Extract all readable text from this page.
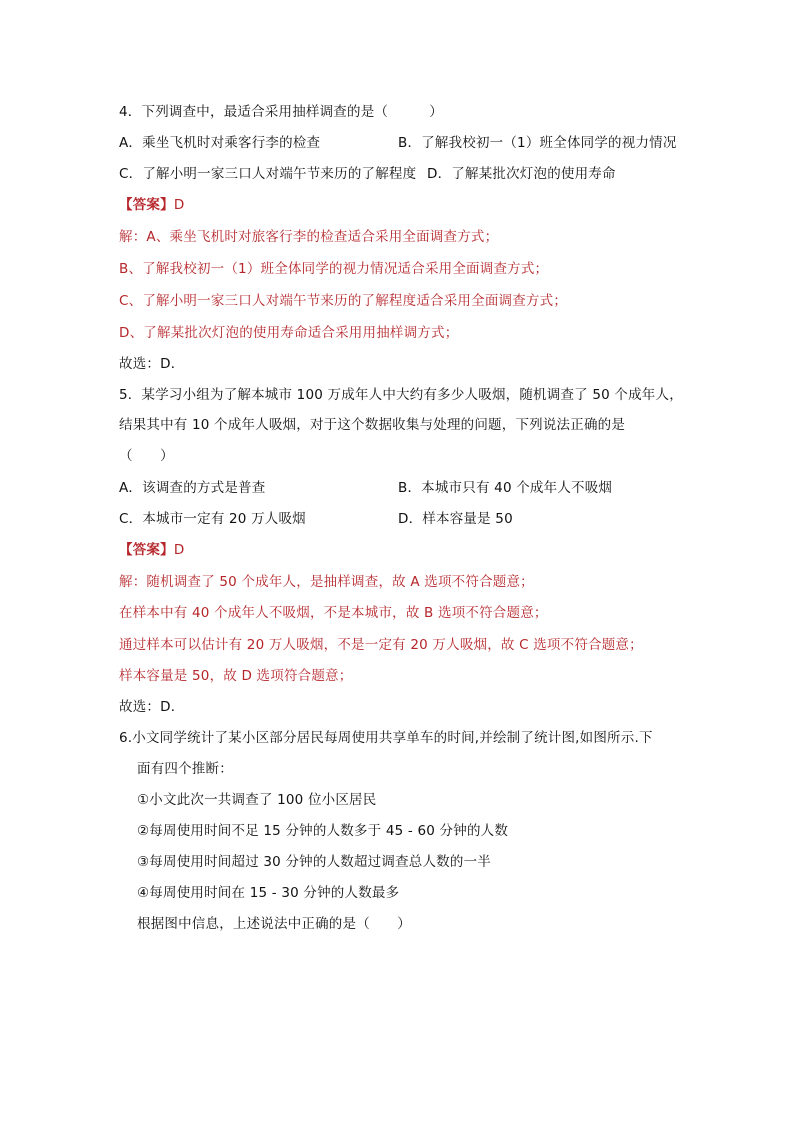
4．下列调查中，最适合采用抽样调查的是（　　　）
A．乘坐飞机时对乘客行李的检查	B．了解我校初一（1）班全体同学的视力情况
C．了解小明一家三口人对端午节来历的了解程度 D．了解某批次灯泡的使用寿命
【答案】D
解：A、乘坐飞机时对旅客行李的检查适合采用全面调查方式；
B、了解我校初一（1）班全体同学的视力情况适合采用全面调查方式；
C、了解小明一家三口人对端午节来历的了解程度适合采用全面调查方式；
D、了解某批次灯泡的使用寿命适合采用用抽样调方式；
故选：D．
5．某学习小组为了解本城市 100 万成年人中大约有多少人吸烟，随机调查了 50 个成年人，
结果其中有 10 个成年人吸烟，对于这个数据收集与处理的问题，下列说法正确的是
（　　）
A．该调查的方式是普查	B．本城市只有 40 个成年人不吸烟
C．本城市一定有 20 万人吸烟	D．样本容量是 50
【答案】D
解：随机调查了 50 个成年人，是抽样调查，故 A 选项不符合题意；
在样本中有 40 个成年人不吸烟，不是本城市，故 B 选项不符合题意；
通过样本可以估计有 20 万人吸烟，不是一定有 20 万人吸烟，故 C 选项不符合题意；
样本容量是 50，故 D 选项符合题意；
故选：D．
6.小文同学统计了某小区部分居民每周使用共享单车的时间,并绘制了统计图,如图所示.下
面有四个推断：
①小文此次一共调查了 100 位小区居民
②每周使用时间不足 15 分钟的人数多于 45 - 60 分钟的人数
③每周使用时间超过 30 分钟的人数超过调查总人数的一半
④每周使用时间在 15 - 30 分钟的人数最多
根据图中信息，上述说法中正确的是（　　）
